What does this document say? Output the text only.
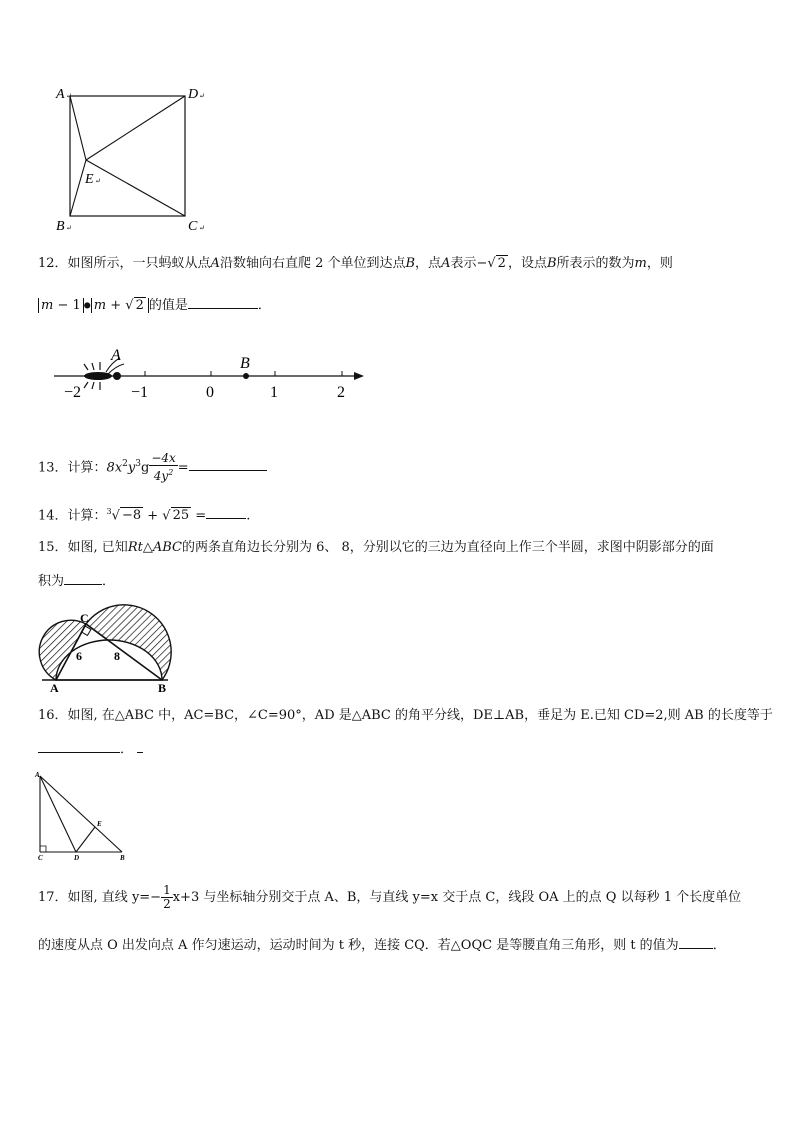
A	D
E
B	C
↵	↵
↵
↵	↵
12．如图所示，一只蚂蚁从点A沿数轴向右直爬 2 个单位到达点B，点A表示−√ 2 ，设点B所表示的数为m，则
m − 1 ● m + √ 2 的值是	．
A	B
−2	−1	0	1	2
13．计算：$8x^2y^3g \frac{-4x}{4y^2}$ =
14．计算：$^3$√ −8 + √ 25 =	.
15．如图, 已知Rt△ABC的两条直角边长分别为 6、 8，分别以它的三边为直径向上作三个半圆，求图中阴影部分的面
积为	．
C
6	8
A	B
16．如图, 在△ABC 中，AC=BC，∠C=90°，AD 是△ABC 的角平分线，DE⊥AB，垂足为 E.已知 CD=2,则 AB 的长度等于
．
A
C	D
E
B
17．如图, 直线 $y=- \frac{1}{2} x+3$ 与坐标轴分别交于点 A、B，与直线 y=x 交于点 C，线段 OA 上的点 Q 以每秒 1 个长度单位
的速度从点 O 出发向点 A 作匀速运动，运动时间为 t 秒，连接 CQ．若△OQC 是等腰直角三角形，则 t 的值为	．
